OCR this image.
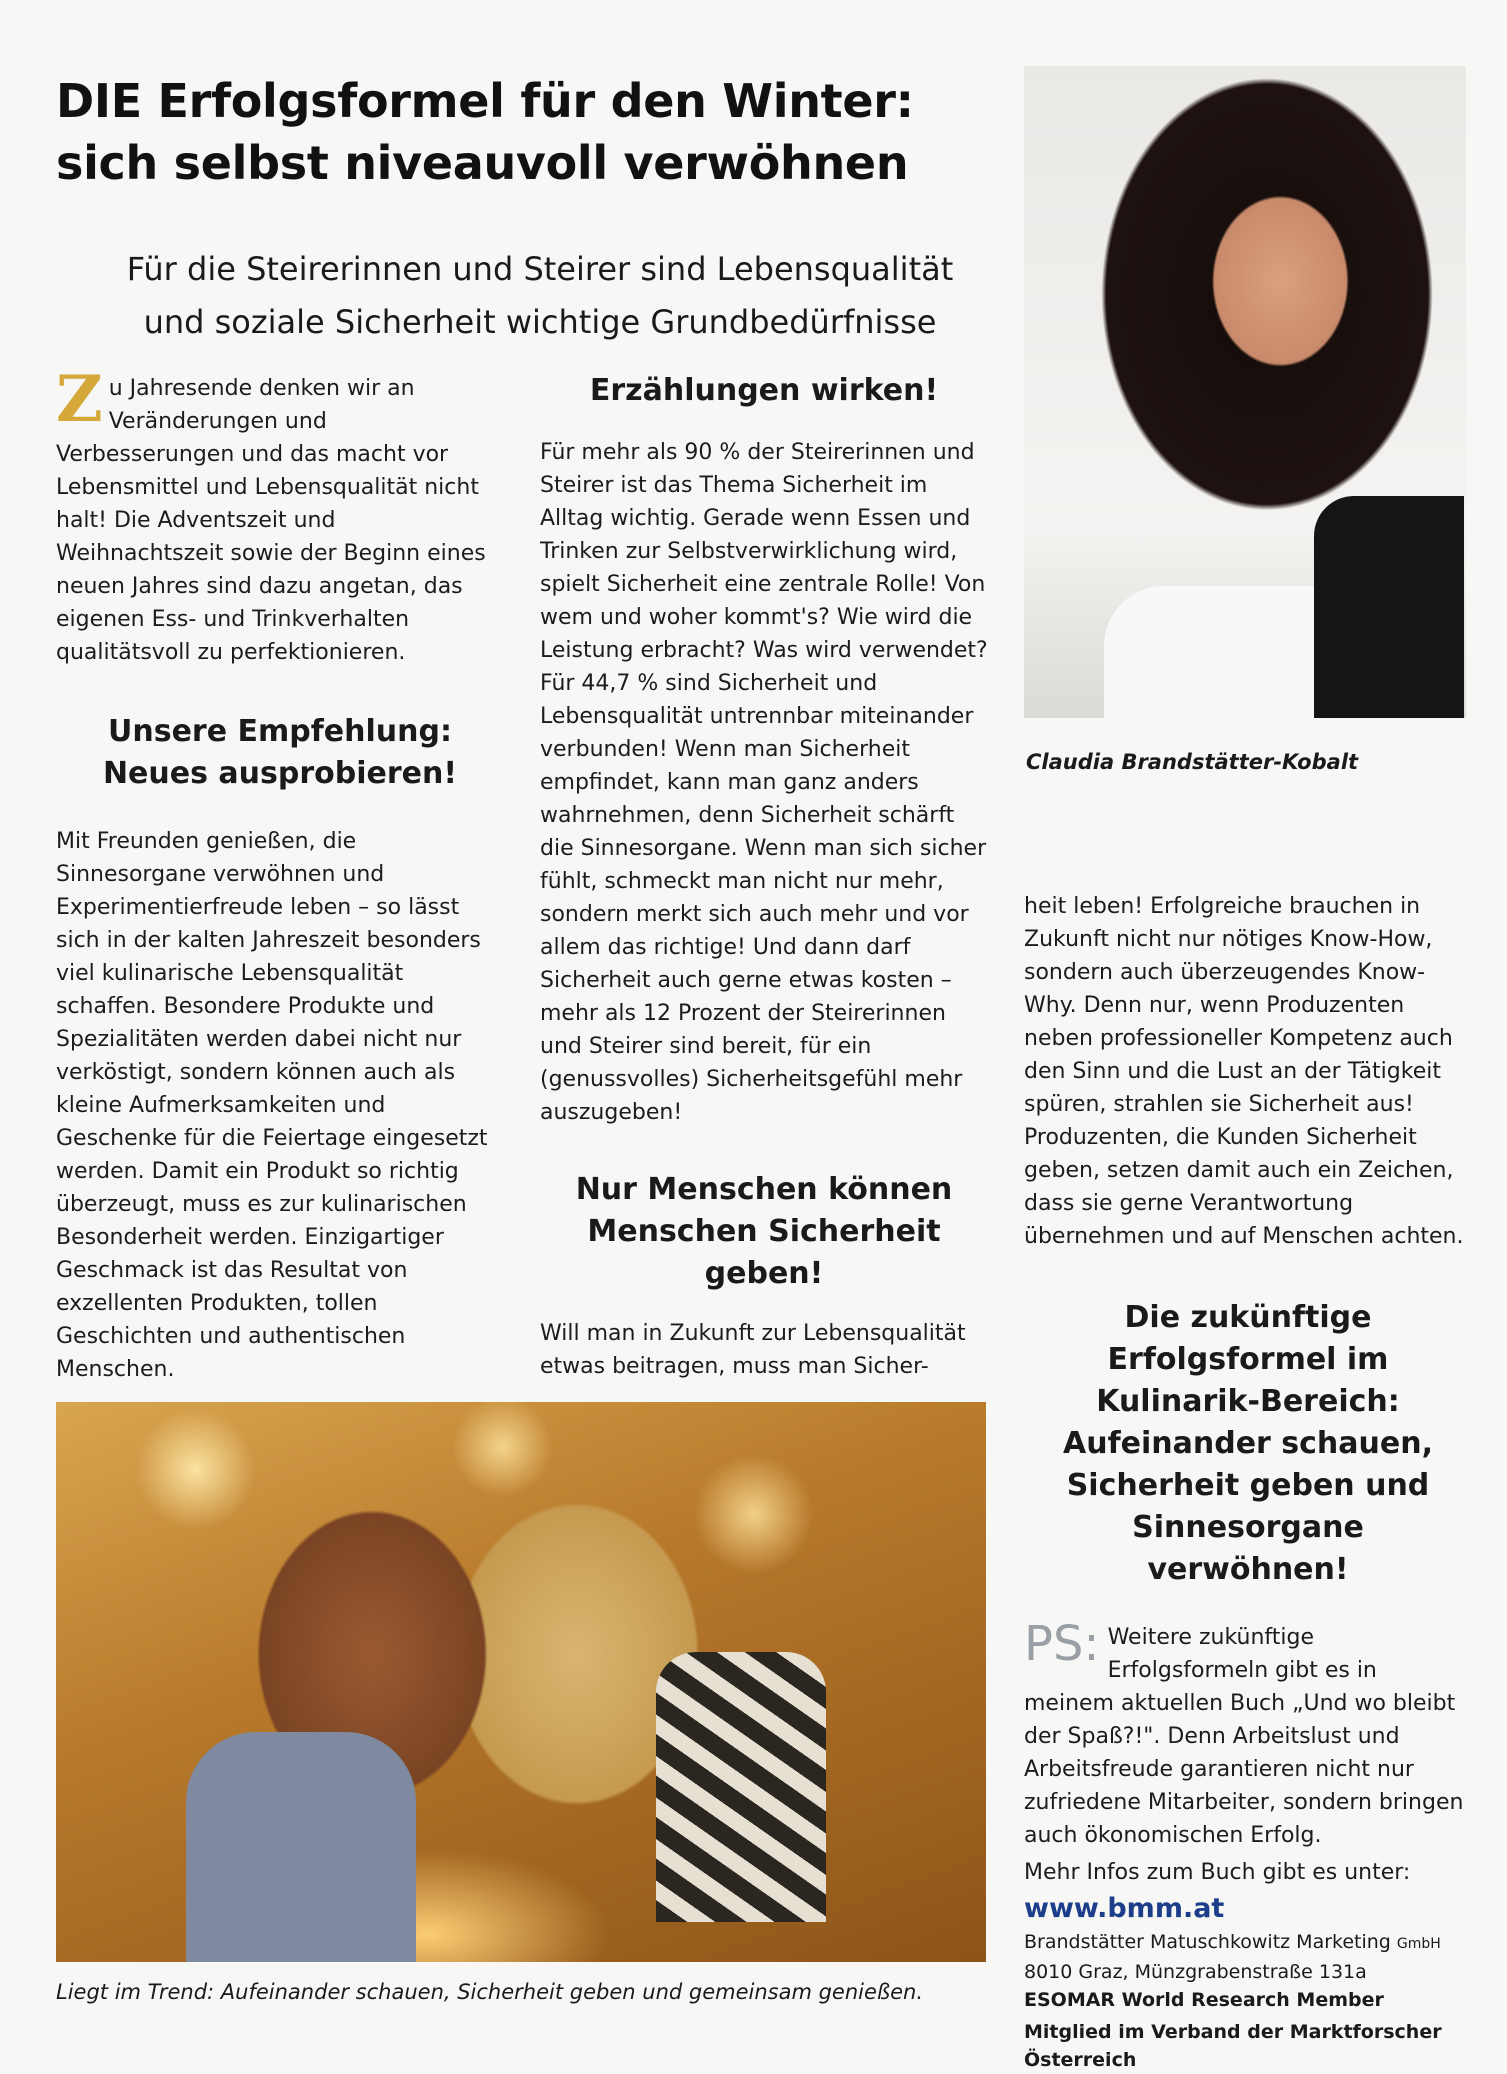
DIE Erfolgsformel für den Winter:
sich selbst niveauvoll verwöhnen
Für die Steirerinnen und Steirer sind Lebensqualität
und soziale Sicherheit wichtige Grundbedürfnisse

Zu Jahresende denken wir an Veränderungen und Verbesserungen und das macht vor Lebensmittel und Lebensqualität nicht halt! Die Adventszeit und Weihnachtszeit sowie der Beginn eines neuen Jahres sind dazu angetan, das eigenen Ess- und Trinkverhalten qualitätsvoll zu perfektionieren.

Unsere Empfehlung: Neues ausprobieren!

Mit Freunden genießen, die Sinnesorgane verwöhnen und Experimentierfreude leben – so lässt sich in der kalten Jahreszeit besonders viel kulinarische Lebensqualität schaffen. Besondere Produkte und Spezialitäten werden dabei nicht nur verköstigt, sondern können auch als kleine Aufmerksamkeiten und Geschenke für die Feiertage eingesetzt werden. Damit ein Produkt so richtig überzeugt, muss es zur kulinarischen Besonderheit werden. Einzigartiger Geschmack ist das Resultat von exzellenten Produkten, tollen Geschichten und authentischen Menschen.

Erzählungen wirken!

Für mehr als 90 % der Steirerinnen und Steirer ist das Thema Sicherheit im Alltag wichtig. Gerade wenn Essen und Trinken zur Selbstverwirklichung wird, spielt Sicherheit eine zentrale Rolle! Von wem und woher kommt's? Wie wird die Leistung erbracht? Was wird verwendet? Für 44,7 % sind Sicherheit und Lebensqualität untrennbar miteinander verbunden! Wenn man Sicherheit empfindet, kann man ganz anders wahrnehmen, denn Sicherheit schärft die Sinnesorgane. Wenn man sich sicher fühlt, schmeckt man nicht nur mehr, sondern merkt sich auch mehr und vor allem das richtige! Und dann darf Sicherheit auch gerne etwas kosten – mehr als 12 Prozent der Steirerinnen und Steirer sind bereit, für ein (genussvolles) Sicherheitsgefühl mehr auszugeben!

Nur Menschen können Menschen Sicherheit geben!

Will man in Zukunft zur Lebensqualität etwas beitragen, muss man Sicher-

Claudia Brandstätter-Kobalt

heit leben! Erfolgreiche brauchen in Zukunft nicht nur nötiges Know-How, sondern auch überzeugendes Know-Why. Denn nur, wenn Produzenten neben professioneller Kompetenz auch den Sinn und die Lust an der Tätigkeit spüren, strahlen sie Sicherheit aus! Produzenten, die Kunden Sicherheit geben, setzen damit auch ein Zeichen, dass sie gerne Verantwortung übernehmen und auf Menschen achten.

Die zukünftige Erfolgsformel im Kulinarik-Bereich: Aufeinander schauen, Sicherheit geben und Sinnesorgane verwöhnen!

PS: Weitere zukünftige Erfolgsformeln gibt es in meinem aktuellen Buch „Und wo bleibt der Spaß?!". Denn Arbeitslust und Arbeitsfreude garantieren nicht nur zufriedene Mitarbeiter, sondern bringen auch ökonomischen Erfolg.

Mehr Infos zum Buch gibt es unter:

www.bmm.at

Brandstätter Matuschkowitz Marketing GmbH

8010 Graz, Münzgrabenstraße 131a

ESOMAR World Research Member

Mitglied im Verband der Marktforscher Österreich

Liegt im Trend: Aufeinander schauen, Sicherheit geben und gemeinsam genießen.
